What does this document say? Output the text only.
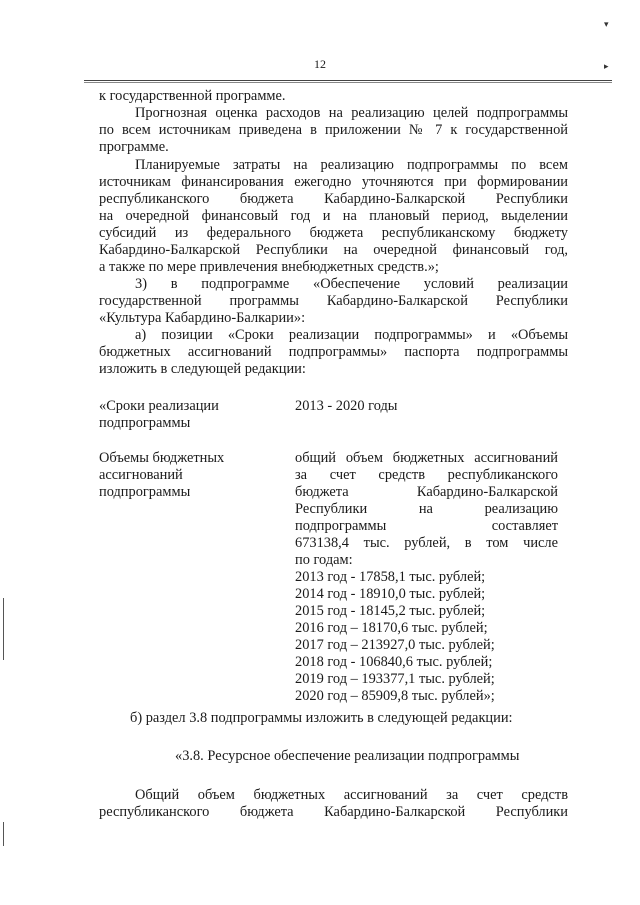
12
▾
▸
к государственной программе.
Прогнозная оценка расходов на реализацию целей подпрограммы
по всем источникам приведена в приложении № 7 к государственной
программе.
Планируемые затраты на реализацию подпрограммы по всем
источникам финансирования ежегодно уточняются при формировании
республиканского бюджета Кабардино-Балкарской Республики
на очередной финансовый год и на плановый период, выделении
субсидий из федерального бюджета республиканскому бюджету
Кабардино-Балкарской Республики на очередной финансовый год,
а также по мере привлечения внебюджетных средств.»;
3) в подпрограмме «Обеспечение условий реализации
государственной программы Кабардино-Балкарской Республики
«Культура Кабардино-Балкарии»:
а) позиции «Сроки реализации подпрограммы» и «Объемы
бюджетных ассигнований подпрограммы» паспорта подпрограммы
изложить в следующей редакции:
«Сроки реализации
подпрограммы
2013 - 2020 годы
Объемы бюджетных
ассигнований
подпрограммы
общий объем бюджетных ассигнований
за счет средств республиканского
бюджета Кабардино-Балкарской
Республики на реализацию
подпрограммы составляет
673138,4 тыс. рублей, в том числе
по годам:
2013 год - 17858,1 тыс. рублей;
2014 год - 18910,0 тыс. рублей;
2015 год - 18145,2 тыс. рублей;
2016 год – 18170,6 тыс. рублей;
2017 год – 213927,0 тыс. рублей;
2018 год - 106840,6 тыс. рублей;
2019 год – 193377,1 тыс. рублей;
2020 год – 85909,8 тыс. рублей»;
б) раздел 3.8 подпрограммы изложить в следующей редакции:
«3.8. Ресурсное обеспечение реализации подпрограммы
Общий объем бюджетных ассигнований за счет средств
республиканского бюджета Кабардино-Балкарской Республики
